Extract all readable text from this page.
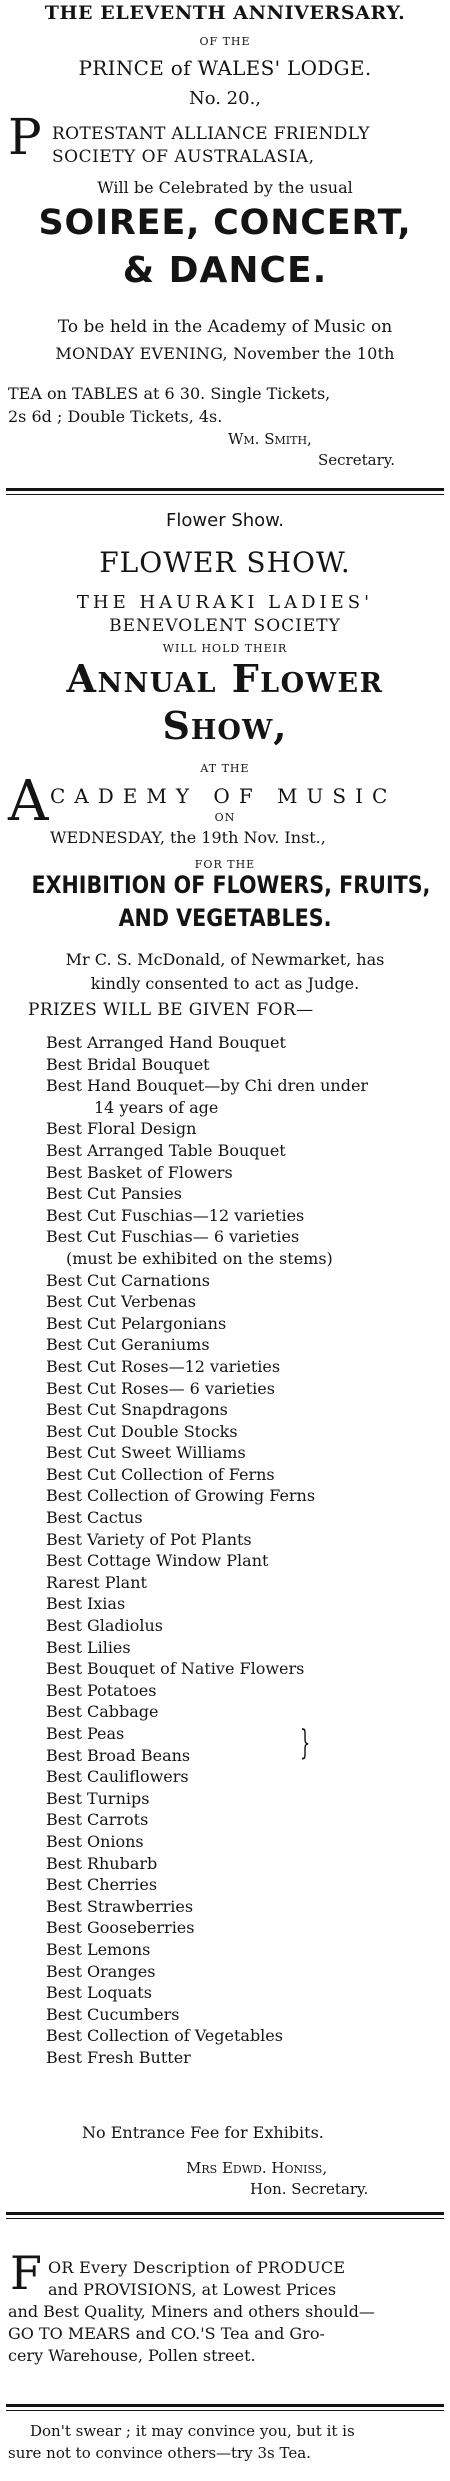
THE ELEVENTH ANNIVERSARY.
OF THE
PRINCE of WALES' LODGE.
No. 20.,
P ROTESTANT ALLIANCE FRIENDLY
SOCIETY OF AUSTRALASIA,
Will be Celebrated by the usual
SOIREE, CONCERT,
& DANCE.
To be held in the Academy of Music on
MONDAY EVENING, November the 10th
TEA on TABLES at 6 30. Single Tickets,
2s 6d ; Double Tickets, 4s.
Wm. Smith,
Secretary.
Flower Show.
FLOWER SHOW.
THE HAURAKI LADIES'
BENEVOLENT SOCIETY
WILL HOLD THEIR
Annual Flower
Show,
AT THE
A CADEMY OF MUSIC
ON
WEDNESDAY, the 19th Nov. Inst.,
FOR THE
EXHIBITION OF FLOWERS, FRUITS,
AND VEGETABLES.
Mr C. S. McDonald, of Newmarket, has
kindly consented to act as Judge.
PRIZES WILL BE GIVEN FOR—
Best Arranged Hand Bouquet
Best Bridal Bouquet
Best Hand Bouquet—by Chi dren under
14 years of age
Best Floral Design
Best Arranged Table Bouquet
Best Basket of Flowers
Best Cut Pansies
Best Cut Fuschias—12 varieties
Best Cut Fuschias— 6 varieties
(must be exhibited on the stems)
Best Cut Carnations
Best Cut Verbenas
Best Cut Pelargonians
Best Cut Geraniums
Best Cut Roses—12 varieties
Best Cut Roses— 6 varieties
Best Cut Snapdragons
Best Cut Double Stocks
Best Cut Sweet Williams
Best Cut Collection of Ferns
Best Collection of Growing Ferns
Best Cactus
Best Variety of Pot Plants
Best Cottage Window Plant
Rarest Plant
Best Ixias
Best Gladiolus
Best Lilies
Best Bouquet of Native Flowers
Best Potatoes
Best Cabbage
Best Peas
Best Broad Beans
Best Cauliflowers
Best Turnips
Best Carrots
Best Onions
Best Rhubarb
Best Cherries
Best Strawberries
Best Gooseberries
Best Lemons
Best Oranges
Best Loquats
Best Cucumbers
Best Collection of Vegetables
Best Fresh Butter
}
No Entrance Fee for Exhibits.
Mrs Edwd. Honiss,
Hon. Secretary.
F OR Every Description of PRODUCE
and PROVISIONS, at Lowest Prices
and Best Quality, Miners and others should—
GO TO MEARS and CO.'S Tea and Gro-
cery Warehouse, Pollen street.
Don't swear ; it may convince you, but it is
sure not to convince others—try 3s Tea.
